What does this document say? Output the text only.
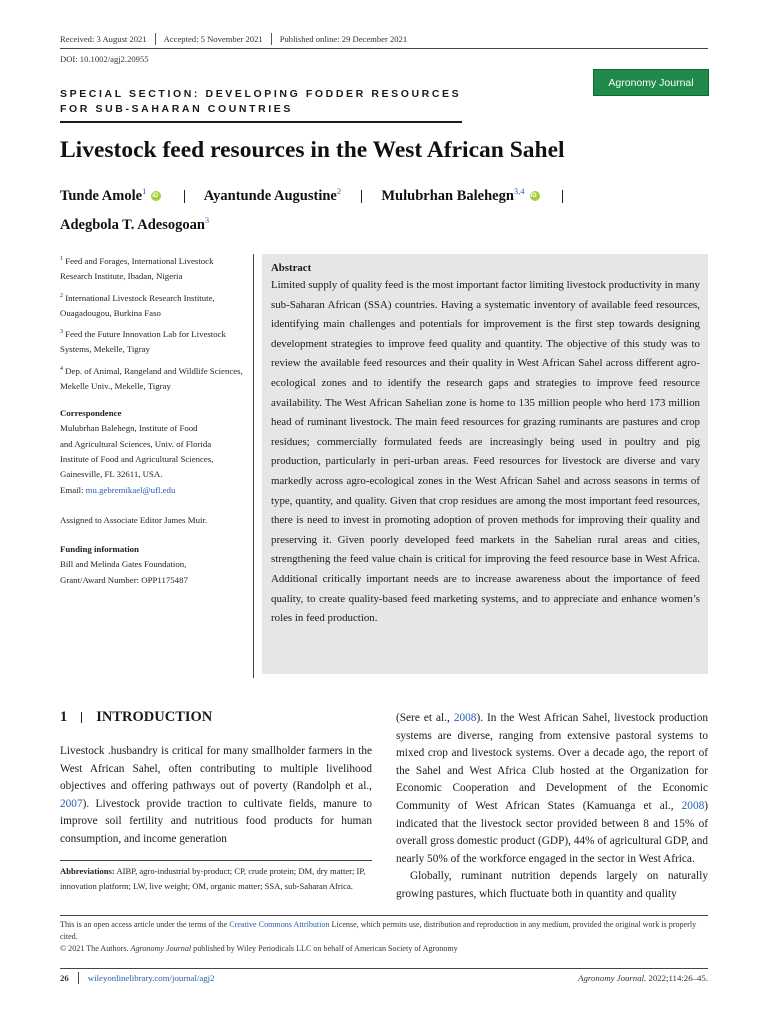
Received: 3 August 2021 Accepted: 5 November 2021 Published online: 29 December 2021
DOI: 10.1002/agj2.20955
Agronomy Journal
SPECIAL SECTION: DEVELOPING FODDER RESOURCES
FOR SUB-SAHARAN COUNTRIES
Livestock feed resources in the West African Sahel
Tunde Amole$^1$iD	Ayantunde Augustine$^2$	Mulubrhan Balehegn$^{3,4}$iD
Adegbola T. Adesogoan$^3$
$^1$ Feed and Forages, International Livestock Research Institute, Ibadan, Nigeria
$^2$ International Livestock Research Institute, Ouagadougou, Burkina Faso
$^3$ Feed the Future Innovation Lab for Livestock Systems, Mekelle, Tigray
$^4$ Dep. of Animal, Rangeland and Wildlife Sciences, Mekelle Univ., Mekelle, Tigray
Correspondence
Mulubrhan Balehegn, Institute of Food
and Agricultural Sciences, Univ. of Florida
Institute of Food and Agricultural Sciences,
Gainesville, FL 32611, USA.
Email: mu.gebremikael@ufl.edu
Assigned to Associate Editor James Muir.
Funding information
Bill and Melinda Gates Foundation,
Grant/Award Number: OPP1175487
Abstract
Limited supply of quality feed is the most important factor limiting livestock productivity in many sub-Saharan African (SSA) countries. Having a systematic inventory of available feed resources, identifying main challenges and potentials for improvement is the first step towards designing development strategies to improve feed quality and quantity. The objective of this study was to review the available feed resources and their quality in West African Sahel across different agro-ecological zones and to identify the research gaps and strategies to improve feed resource availability. The West African Sahelian zone is home to 135 million people who herd 173 million head of ruminant livestock. The main feed resources for grazing ruminants are pastures and crop residues; commercially formulated feeds are increasingly being used in poultry and pig production, particularly in peri-urban areas. Feed resources for livestock are diverse and vary markedly across agro-ecological zones in the West African Sahel and across seasons in terms of type, quantity, and quality. Given that crop residues are among the most important feed resources, there is need to invest in promoting adoption of proven methods for improving their quality and preserving it. Given poorly developed feed markets in the Sahelian rural areas and cities, strengthening the feed value chain is critical for improving the feed resource base in West Africa. Additional critically important needs are to increase awareness about the importance of feed quality, to create quality-based feed marketing systems, and to appreciate and enhance women’s roles in feed production.
1 INTRODUCTION
Livestock .husbandry is critical for many smallholder farmers in the West African Sahel, often contributing to multiple livelihood objectives and offering pathways out of poverty (Randolph et al., 2007). Livestock provide traction to cultivate fields, manure to improve soil fertility and nutritious food products for human consumption, and income generation
(Sere et al., 2008). In the West African Sahel, livestock production systems are diverse, ranging from extensive pastoral systems to mixed crop and livestock systems. Over a decade ago, the report of the Sahel and West Africa Club hosted at the Organization for Economic Cooperation and Development of the Economic Community of West African States (Kamuanga et al., 2008) indicated that the livestock sector provided between 8 and 15% of overall gross domestic product (GDP), 44% of agricultural GDP, and nearly 50% of the workforce engaged in the sector in West Africa.
Globally, ruminant nutrition depends largely on naturally growing pastures, which fluctuate both in quantity and quality
Abbreviations: AIBP, agro-industrial by-product; CP, crude protein; DM, dry matter; IP, innovation platform; LW, live weight; OM, organic matter; SSA, sub-Saharan Africa.
This is an open access article under the terms of the Creative Commons Attribution License, which permits use, distribution and reproduction in any medium, provided the original work is properly cited.
© 2021 The Authors. Agronomy Journal published by Wiley Periodicals LLC on behalf of American Society of Agronomy
26 wileyonlinelibrary.com/journal/agj2	Agronomy Journal. 2022;114:26–45.
